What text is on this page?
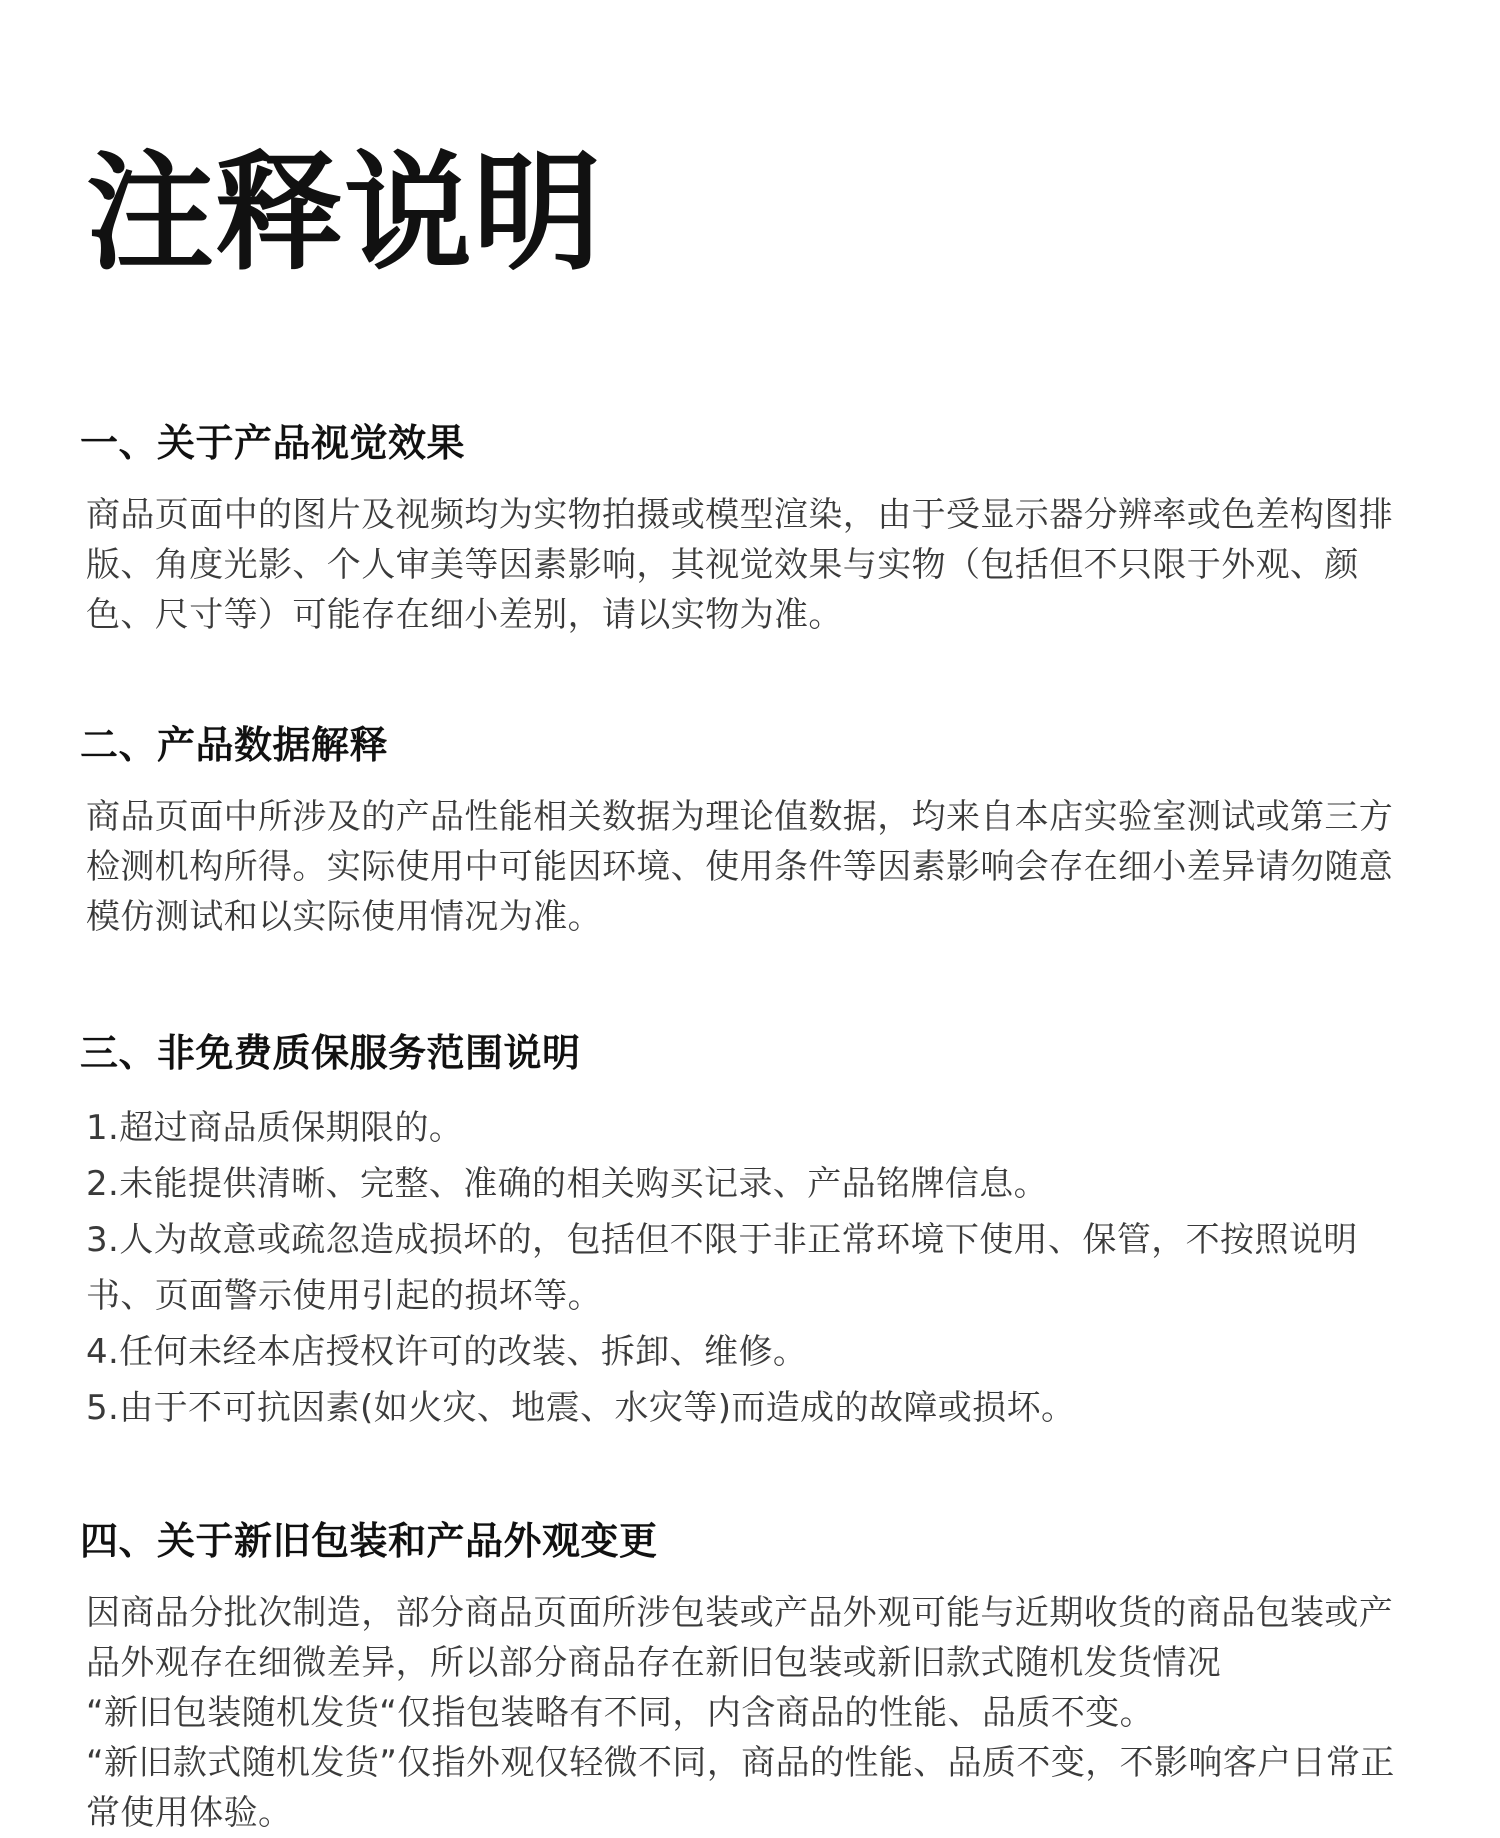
注释说明
一、关于产品视觉效果

商品页面中的图片及视频均为实物拍摄或模型渲染，由于受显示器分辨率或色差构图排版、角度光影、个人审美等因素影响，其视觉效果与实物（包括但不只限于外观、颜色、尺寸等）可能存在细小差别，请以实物为准。

二、产品数据解释

商品页面中所涉及的产品性能相关数据为理论值数据，均来自本店实验室测试或第三方检测机构所得。实际使用中可能因环境、使用条件等因素影响会存在细小差异请勿随意模仿测试和以实际使用情况为准。

三、非免费质保服务范围说明

1.超过商品质保期限的。

2.未能提供清晰、完整、准确的相关购买记录、产品铭牌信息。

3.人为故意或疏忽造成损坏的，包括但不限于非正常环境下使用、保管，不按照说明书、页面警示使用引起的损坏等。

4.任何未经本店授权许可的改装、拆卸、维修。

5.由于不可抗因素(如火灾、地震、水灾等)而造成的故障或损坏。

四、关于新旧包装和产品外观变更

因商品分批次制造，部分商品页面所涉包装或产品外观可能与近期收货的商品包装或产品外观存在细微差异，所以部分商品存在新旧包装或新旧款式随机发货情况

“新旧包装随机发货“仅指包装略有不同，内含商品的性能、品质不变。

“新旧款式随机发货”仅指外观仅轻微不同，商品的性能、品质不变，不影响客户日常正常使用体验。
